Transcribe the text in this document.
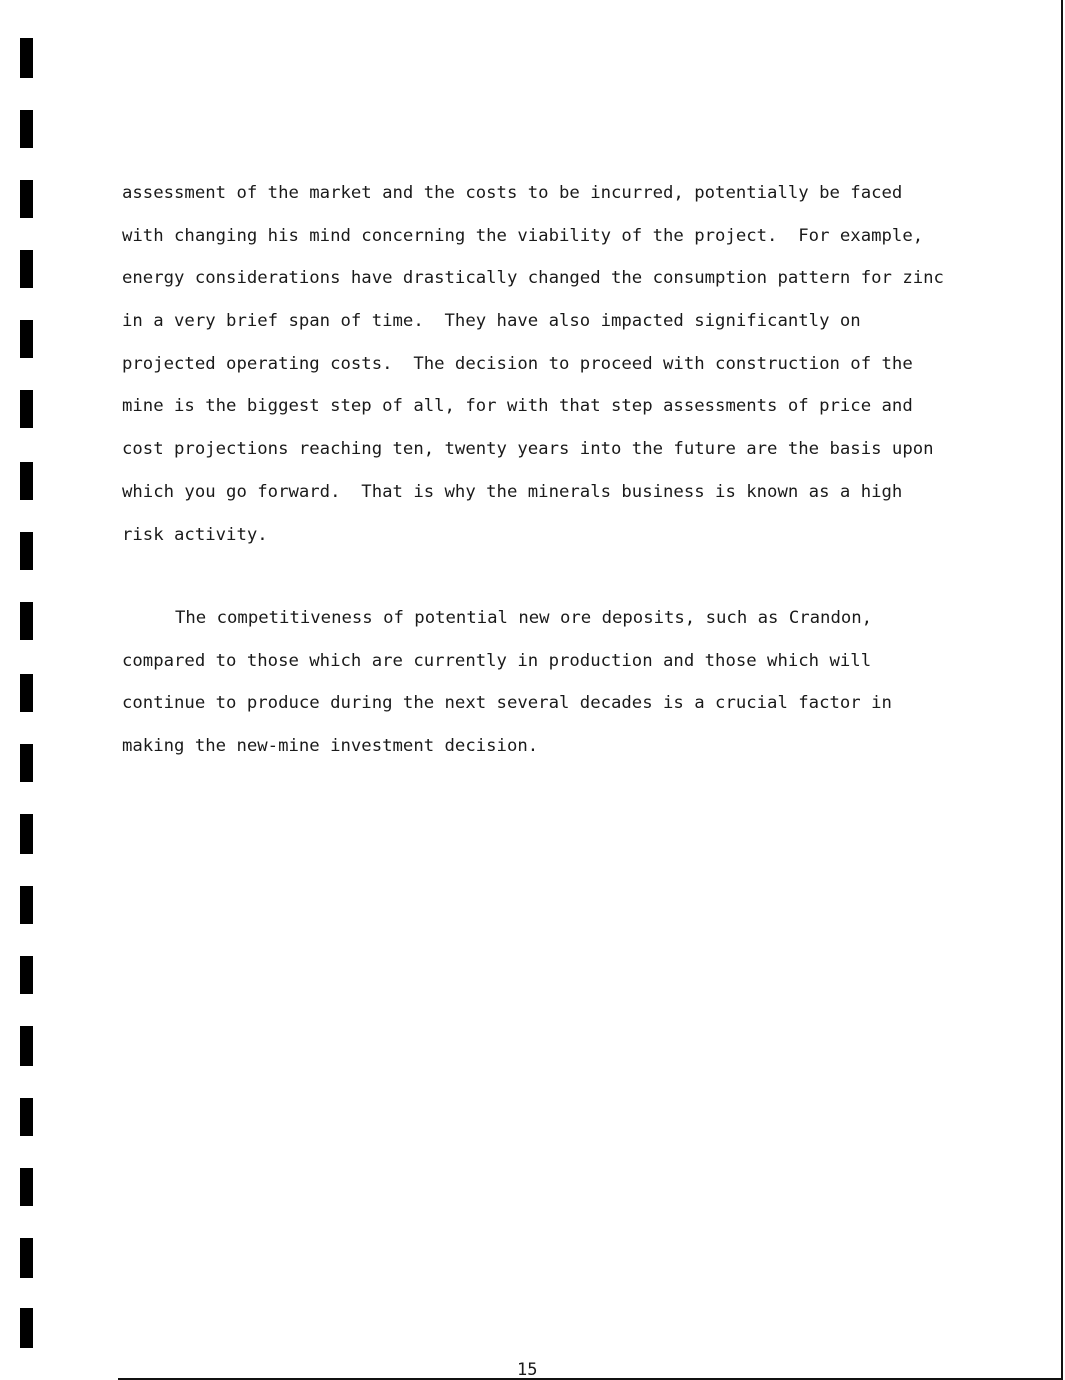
assessment of the market and the costs to be incurred, potentially be faced
with changing his mind concerning the viability of the project.  For example,
energy considerations have drastically changed the consumption pattern for zinc
in a very brief span of time.  They have also impacted significantly on
projected operating costs.  The decision to proceed with construction of the
mine is the biggest step of all, for with that step assessments of price and
cost projections reaching ten, twenty years into the future are the basis upon
which you go forward.  That is why the minerals business is known as a high
risk activity.
The competitiveness of potential new ore deposits, such as Crandon,
compared to those which are currently in production and those which will
continue to produce during the next several decades is a crucial factor in
making the new-mine investment decision.
15
